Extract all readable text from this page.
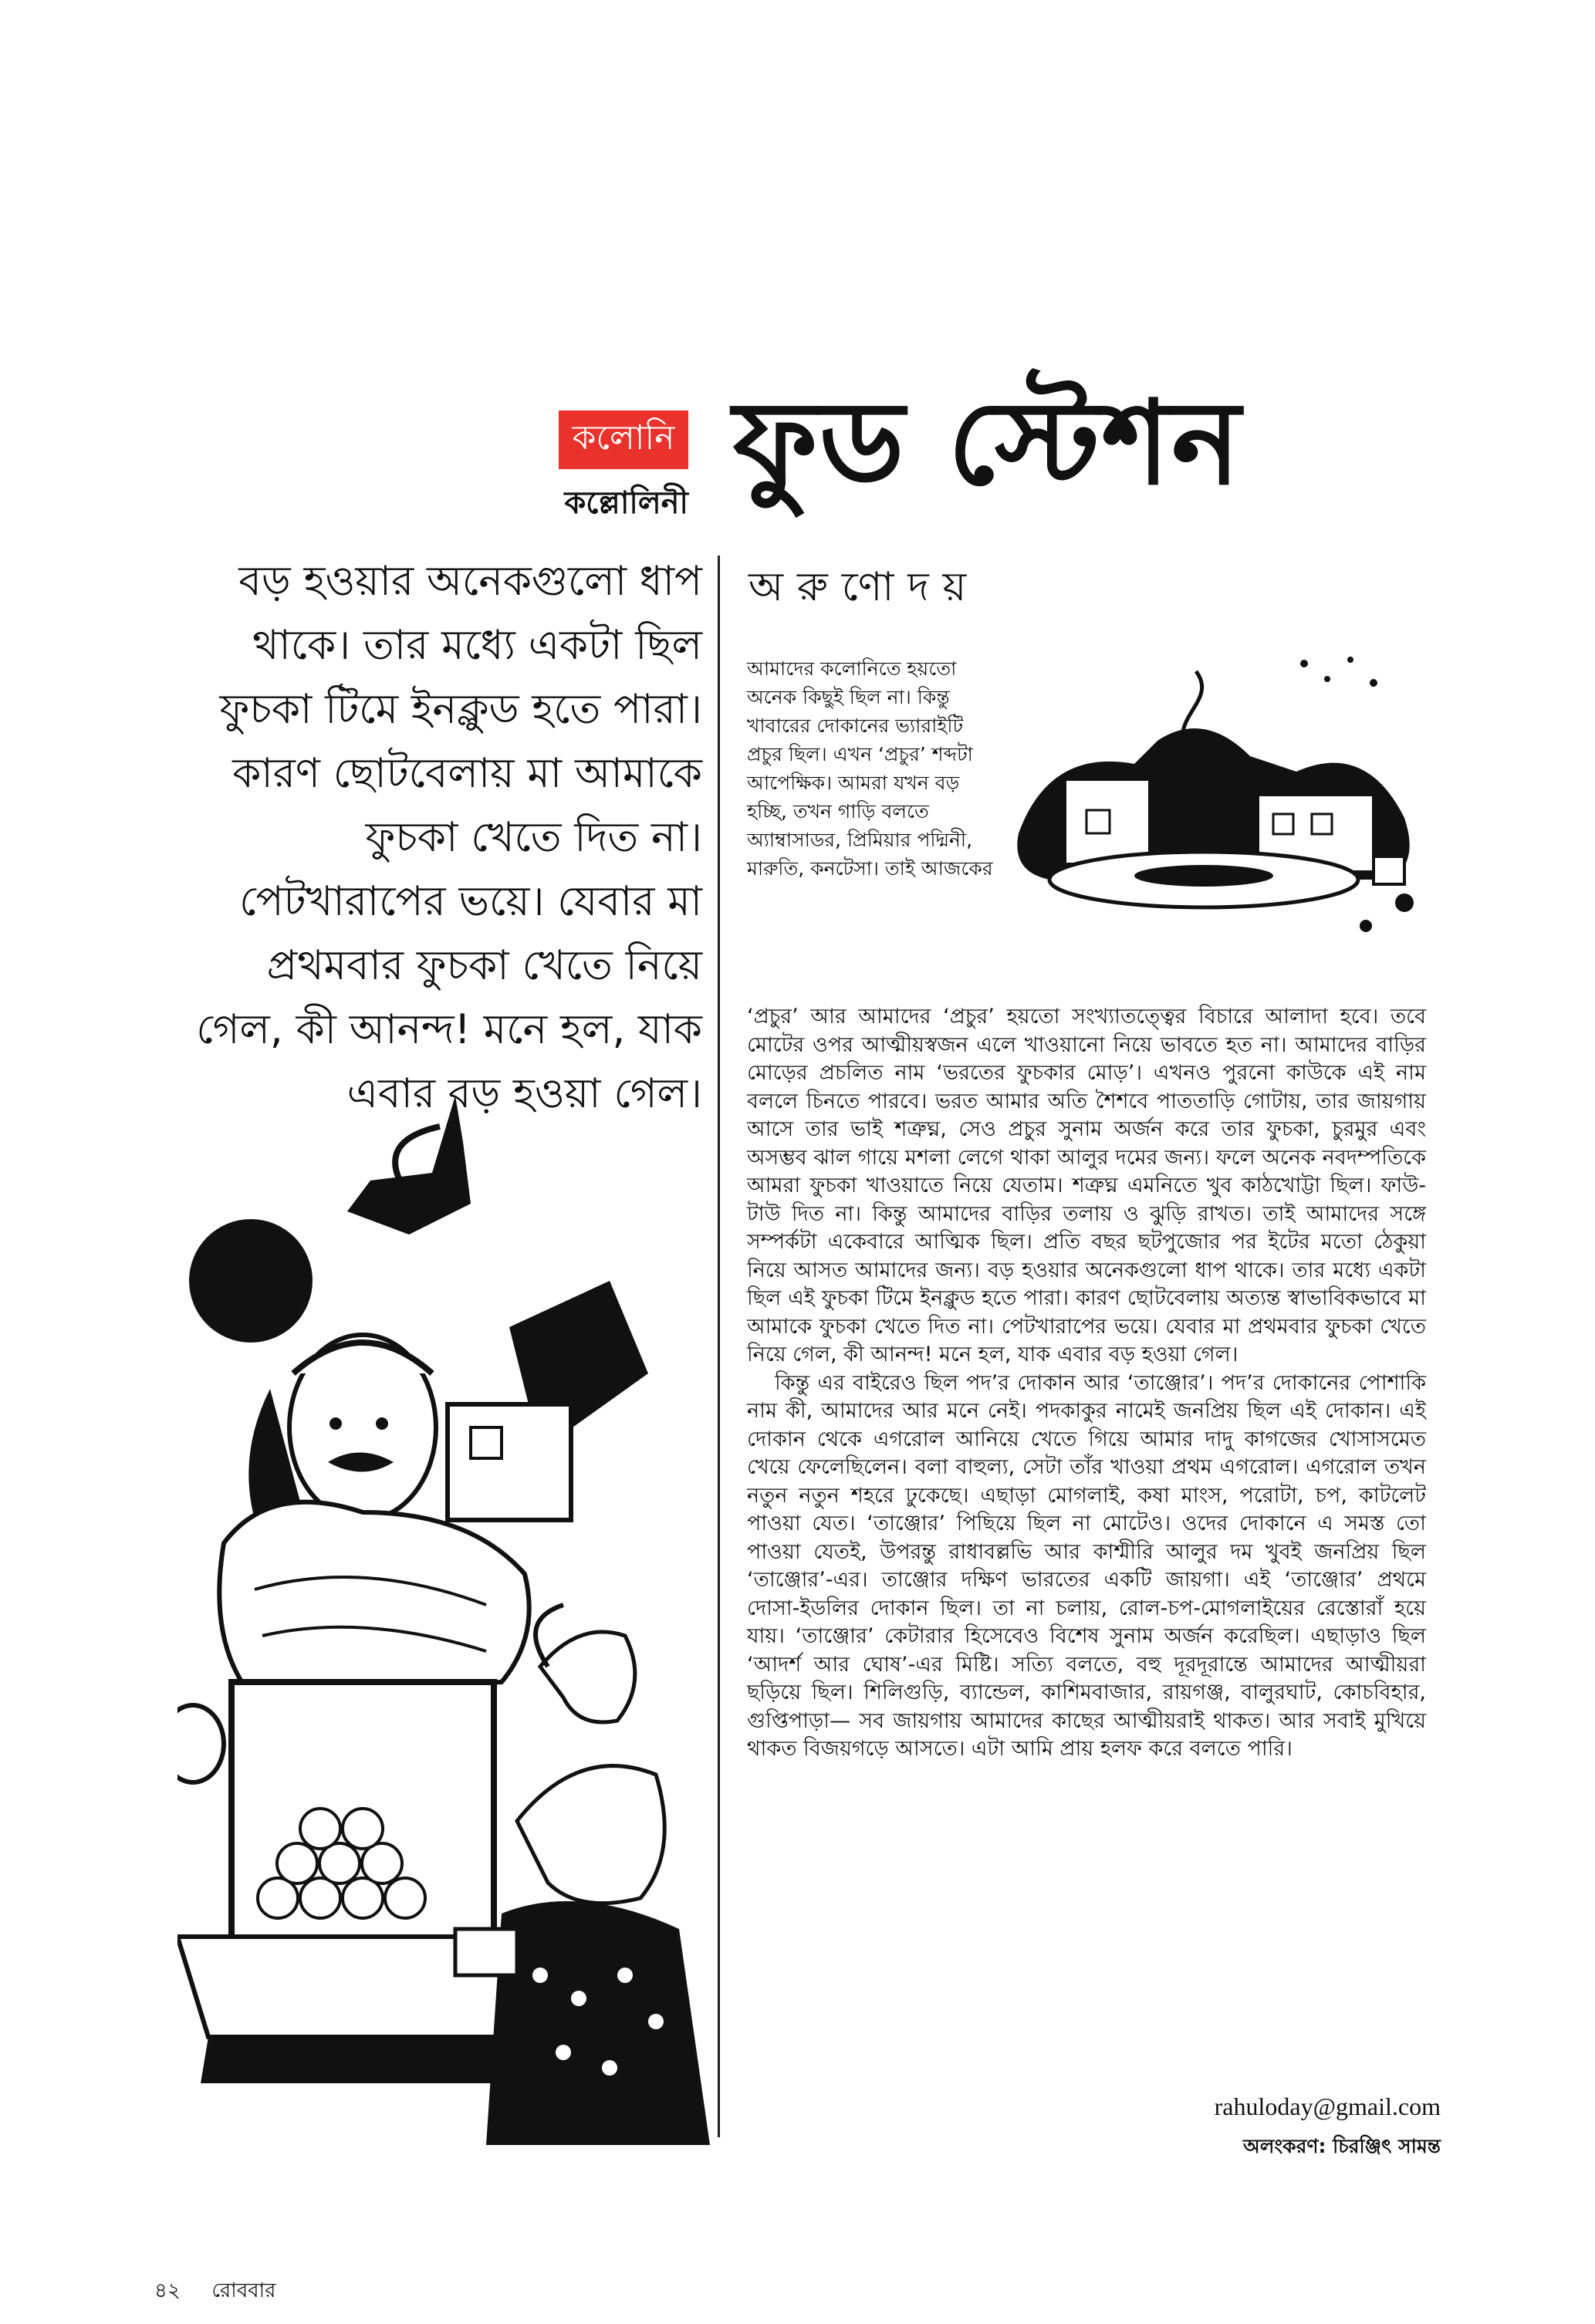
কলোনি
কল্লোলিনী ফুড স্টেশন
অরুণোদয়
বড় হওয়ার অনেকগুলো ধাপ থাকে। তার মধ্যে একটা ছিল ফুচকা টিমে ইনক্লুড হতে পারা। কারণ ছোটবেলায় মা আমাকে ফুচকা খেতে দিত না। পেটখারাপের ভয়ে। যেবার মা প্রথমবার ফুচকা খেতে নিয়ে গেল, কী আনন্দ! মনে হল, যাক এবার বড় হওয়া গেল।
আমাদের কলোনিতে হয়তো অনেক কিছুই ছিল না। কিন্তু খাবারের দোকানের ভ্যারাইটি প্রচুর ছিল। এখন ‘প্রচুর’ শব্দটা আপেক্ষিক। আমরা যখন বড় হচ্ছি, তখন গাড়ি বলতে অ্যাম্বাসাডর, প্রিমিয়ার পদ্মিনী, মারুতি, কনটেসা। তাই আজকের

‘প্রচুর’ আর আমাদের ‘প্রচুর’ হয়তো সংখ্যাতত্ত্বের বিচারে আলাদা হবে। তবে মোটের ওপর আত্মীয়স্বজন এলে খাওয়ানো নিয়ে ভাবতে হত না। আমাদের বাড়ির মোড়ের প্রচলিত নাম ‘ভরতের ফুচকার মোড়’। এখনও পুরনো কাউকে এই নাম বললে চিনতে পারবে। ভরত আমার অতি শৈশবে পাততাড়ি গোটায়, তার জায়গায় আসে তার ভাই শত্রুঘ্ন, সেও প্রচুর সুনাম অর্জন করে তার ফুচকা, চুরমুর এবং অসম্ভব ঝাল গায়ে মশলা লেগে থাকা আলুর দমের জন্য। ফলে অনেক নবদম্পতিকে আমরা ফুচকা খাওয়াতে নিয়ে যেতাম। শত্রুঘ্ন এমনিতে খুব কাঠখোট্টা ছিল। ফাউ-টাউ দিত না। কিন্তু আমাদের বাড়ির তলায় ও ঝুড়ি রাখত। তাই আমাদের সঙ্গে সম্পর্কটা একেবারে আত্মিক ছিল। প্রতি বছর ছটপুজোর পর ইটের মতো ঠেকুয়া নিয়ে আসত আমাদের জন্য। বড় হওয়ার অনেকগুলো ধাপ থাকে। তার মধ্যে একটা ছিল এই ফুচকা টিমে ইনক্লুড হতে পারা। কারণ ছোটবেলায় অত্যন্ত স্বাভাবিকভাবে মা আমাকে ফুচকা খেতে দিত না। পেটখারাপের ভয়ে। যেবার মা প্রথমবার ফুচকা খেতে নিয়ে গেল, কী আনন্দ! মনে হল, যাক এবার বড় হওয়া গেল।

কিন্তু এর বাইরেও ছিল পদ’র দোকান আর ‘তাঞ্জোর’। পদ’র দোকানের পোশাকি নাম কী, আমাদের আর মনে নেই। পদকাকুর নামেই জনপ্রিয় ছিল এই দোকান। এই দোকান থেকে এগরোল আনিয়ে খেতে গিয়ে আমার দাদু কাগজের খোসাসমেত খেয়ে ফেলেছিলেন। বলা বাহুল্য, সেটা তাঁর খাওয়া প্রথম এগরোল। এগরোল তখন নতুন নতুন শহরে ঢুকেছে। এছাড়া মোগলাই, কষা মাংস, পরোটা, চপ, কাটলেট পাওয়া যেত। ‘তাঞ্জোর’ পিছিয়ে ছিল না মোটেও। ওদের দোকানে এ সমস্ত তো পাওয়া যেতই, উপরন্তু রাধাবল্লভি আর কাশ্মীরি আলুর দম খুবই জনপ্রিয় ছিল ‘তাঞ্জোর’-এর। তাঞ্জোর দক্ষিণ ভারতের একটি জায়গা। এই ‘তাঞ্জোর’ প্রথমে দোসা-ইডলির দোকান ছিল। তা না চলায়, রোল-চপ-মোগলাইয়ের রেস্তোরাঁ হয়ে যায়। ‘তাঞ্জোর’ কেটারার হিসেবেও বিশেষ সুনাম অর্জন করেছিল। এছাড়াও ছিল ‘আদর্শ আর ঘোষ’-এর মিষ্টি। সত্যি বলতে, বহু দূরদূরান্তে আমাদের আত্মীয়রা ছড়িয়ে ছিল। শিলিগুড়ি, ব্যান্ডেল, কাশিমবাজার, রায়গঞ্জ, বালুরঘাট, কোচবিহার, গুপ্তিপাড়া— সব জায়গায় আমাদের কাছের আত্মীয়রাই থাকত। আর সবাই মুখিয়ে থাকত বিজয়গড়ে আসতে। এটা আমি প্রায় হলফ করে বলতে পারি।

rahuloday@gmail.com
অলংকরণ: চিরঞ্জিৎ সামন্ত
৪২ রোববার
